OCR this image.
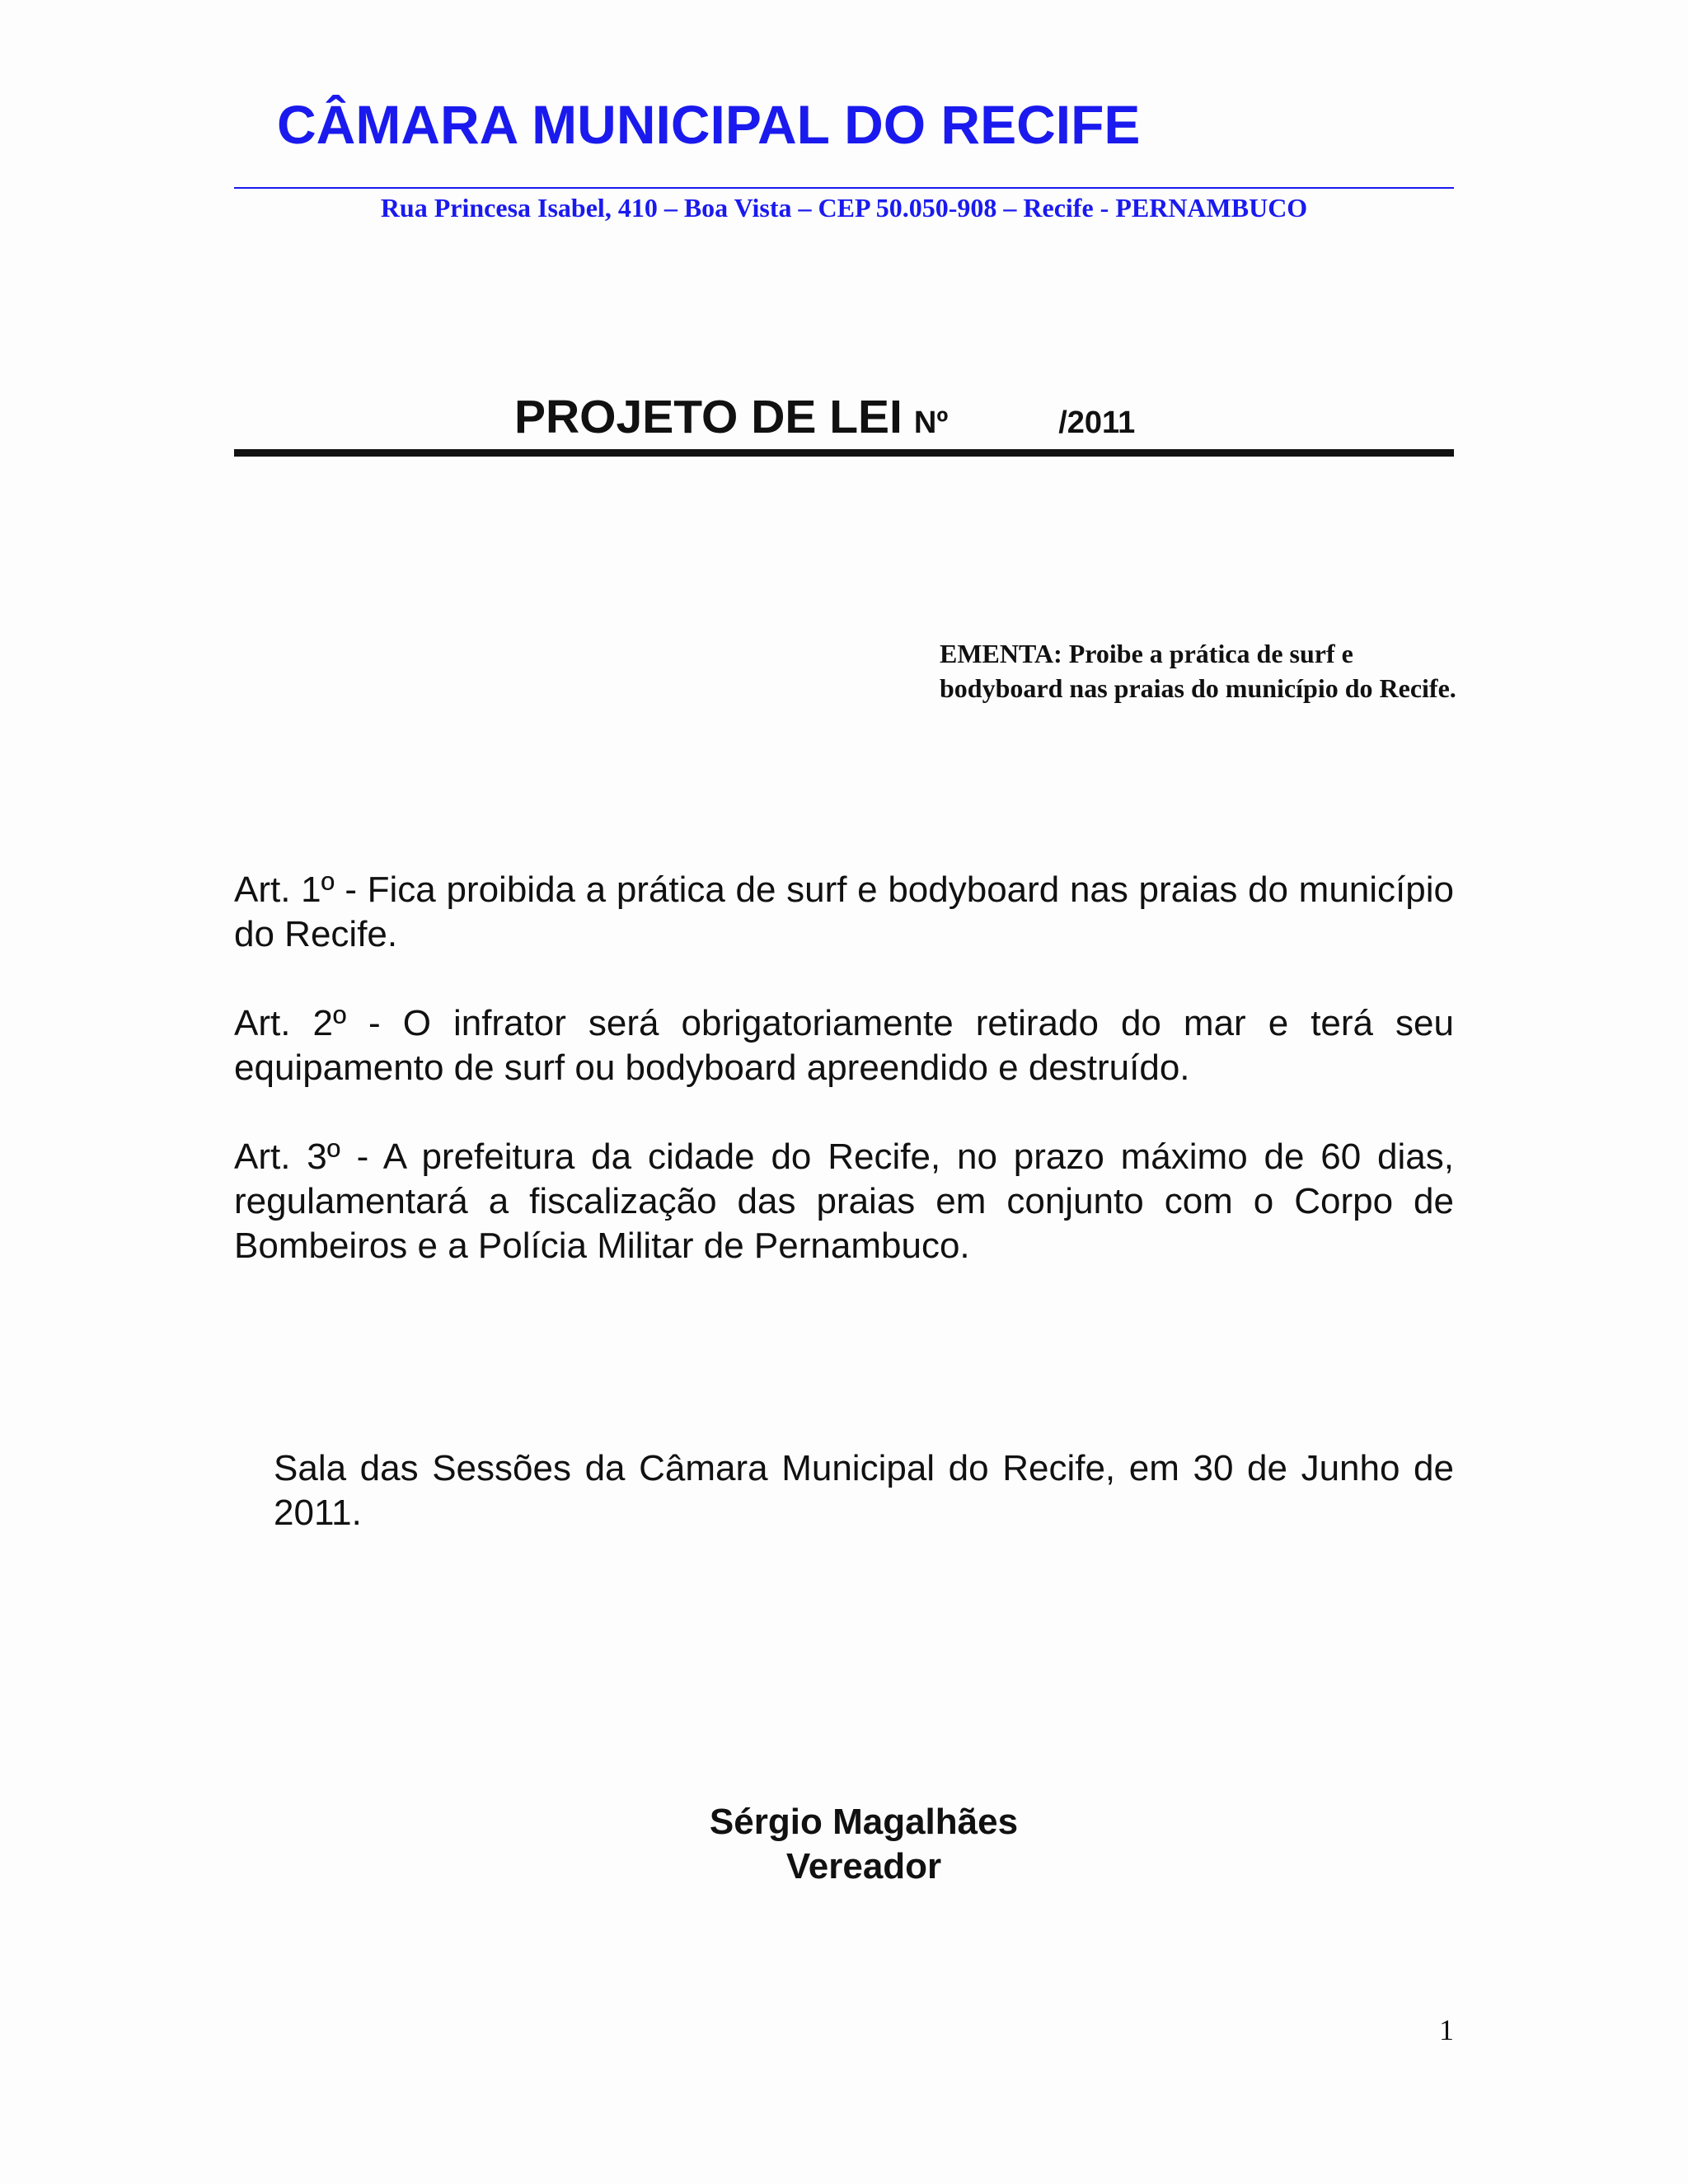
CÂMARA MUNICIPAL DO RECIFE
Rua Princesa Isabel, 410 – Boa Vista – CEP 50.050-908 – Recife - PERNAMBUCO
PROJETO DE LEI Nº	/2011
EMENTA: Proibe a prática de surf e bodyboard nas praias do município do Recife.

Art. 1º - Fica proibida a prática de surf e bodyboard nas praias do município do Recife.

Art. 2º - O infrator será obrigatoriamente retirado do mar e terá seu equipamento de surf ou bodyboard apreendido e destruído.

Art. 3º - A prefeitura da cidade do Recife, no prazo máximo de 60 dias, regulamentará a fiscalização das praias em conjunto com o Corpo de Bombeiros e a Polícia Militar de Pernambuco.

Sala das Sessões da Câmara Municipal do Recife, em 30 de Junho de 2011.
Sérgio Magalhães
Vereador
1
